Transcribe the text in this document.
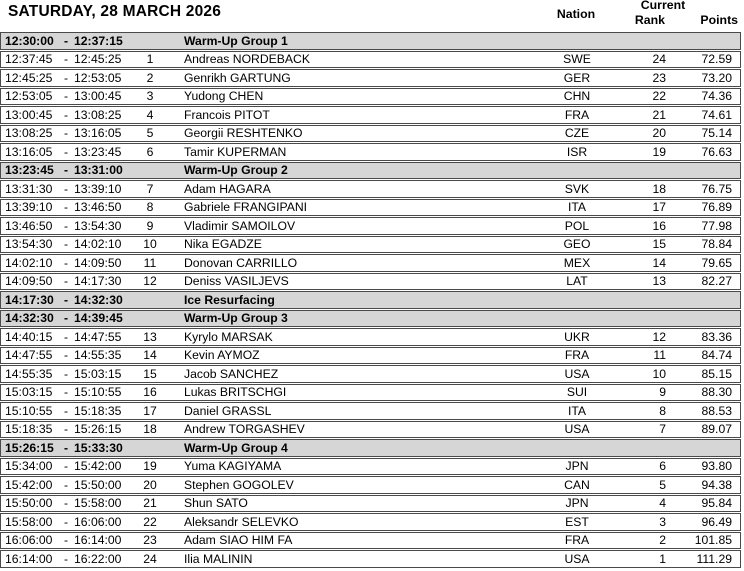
SATURDAY, 28 MARCH 2026	Nation
Current
Rank	Points
12:30:00 - 12:37:15	Warm-Up Group 1
12:37:45 - 12:45:25	1	Andreas NORDEBACK	SWE	24	72.59
12:45:25 - 12:53:05	2	Genrikh GARTUNG	GER	23	73.20
12:53:05 - 13:00:45	3	Yudong CHEN	CHN	22	74.36
13:00:45 - 13:08:25	4	Francois PITOT	FRA	21	74.61
13:08:25 - 13:16:05	5	Georgii RESHTENKO	CZE	20	75.14
13:16:05 - 13:23:45	6	Tamir KUPERMAN	ISR	19	76.63
13:23:45 - 13:31:00	Warm-Up Group 2
13:31:30 - 13:39:10	7	Adam HAGARA	SVK	18	76.75
13:39:10 - 13:46:50	8	Gabriele FRANGIPANI	ITA	17	76.89
13:46:50 - 13:54:30	9	Vladimir SAMOILOV	POL	16	77.98
13:54:30 - 14:02:10	10	Nika EGADZE	GEO	15	78.84
14:02:10 - 14:09:50	11	Donovan CARRILLO	MEX	14	79.65
14:09:50 - 14:17:30	12	Deniss VASILJEVS	LAT	13	82.27
14:17:30 - 14:32:30	Ice Resurfacing
14:32:30 - 14:39:45	Warm-Up Group 3
14:40:15 - 14:47:55	13	Kyrylo MARSAK	UKR	12	83.36
14:47:55 - 14:55:35	14	Kevin AYMOZ	FRA	11	84.74
14:55:35 - 15:03:15	15	Jacob SANCHEZ	USA	10	85.15
15:03:15 - 15:10:55	16	Lukas BRITSCHGI	SUI	9	88.30
15:10:55 - 15:18:35	17	Daniel GRASSL	ITA	8	88.53
15:18:35 - 15:26:15	18	Andrew TORGASHEV	USA	7	89.07
15:26:15 - 15:33:30	Warm-Up Group 4
15:34:00 - 15:42:00	19	Yuma KAGIYAMA	JPN	6	93.80
15:42:00 - 15:50:00	20	Stephen GOGOLEV	CAN	5	94.38
15:50:00 - 15:58:00	21	Shun SATO	JPN	4	95.84
15:58:00 - 16:06:00	22	Aleksandr SELEVKO	EST	3	96.49
16:06:00 - 16:14:00	23	Adam SIAO HIM FA	FRA	2	101.85
16:14:00 - 16:22:00	24	Ilia MALININ	USA	1	111.29
